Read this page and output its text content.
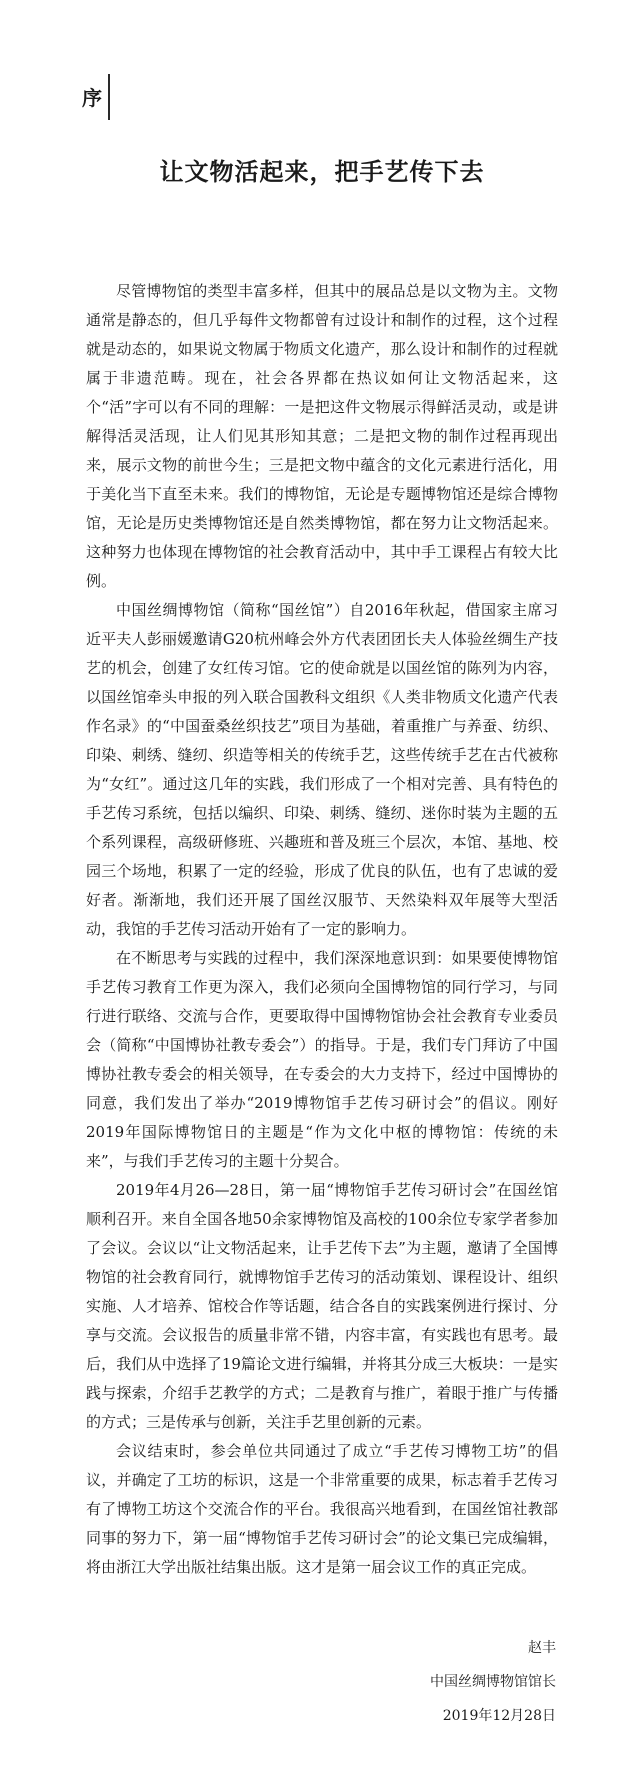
序
让文物活起来，把手艺传下去

尽管博物馆的类型丰富多样，但其中的展品总是以文物为主。文物通常是静态的，但几乎每件文物都曾有过设计和制作的过程，这个过程就是动态的，如果说文物属于物质文化遗产，那么设计和制作的过程就属于非遗范畴。现在，社会各界都在热议如何让文物活起来，这个“活”字可以有不同的理解：一是把这件文物展示得鲜活灵动，或是讲解得活灵活现，让人们见其形知其意；二是把文物的制作过程再现出来，展示文物的前世今生；三是把文物中蕴含的文化元素进行活化，用于美化当下直至未来。我们的博物馆，无论是专题博物馆还是综合博物馆，无论是历史类博物馆还是自然类博物馆，都在努力让文物活起来。这种努力也体现在博物馆的社会教育活动中，其中手工课程占有较大比例。

中国丝绸博物馆（简称“国丝馆”）自2016年秋起，借国家主席习近平夫人彭丽媛邀请G20杭州峰会外方代表团团长夫人体验丝绸生产技艺的机会，创建了女红传习馆。它的使命就是以国丝馆的陈列为内容，以国丝馆牵头申报的列入联合国教科文组织《人类非物质文化遗产代表作名录》的“中国蚕桑丝织技艺”项目为基础，着重推广与养蚕、纺织、印染、刺绣、缝纫、织造等相关的传统手艺，这些传统手艺在古代被称为“女红”。通过这几年的实践，我们形成了一个相对完善、具有特色的手艺传习系统，包括以编织、印染、刺绣、缝纫、迷你时装为主题的五个系列课程，高级研修班、兴趣班和普及班三个层次，本馆、基地、校园三个场地，积累了一定的经验，形成了优良的队伍，也有了忠诚的爱好者。渐渐地，我们还开展了国丝汉服节、天然染料双年展等大型活动，我馆的手艺传习活动开始有了一定的影响力。

在不断思考与实践的过程中，我们深深地意识到：如果要使博物馆手艺传习教育工作更为深入，我们必须向全国博物馆的同行学习，与同行进行联络、交流与合作，更要取得中国博物馆协会社会教育专业委员会（简称“中国博协社教专委会”）的指导。于是，我们专门拜访了中国博协社教专委会的相关领导，在专委会的大力支持下，经过中国博协的同意，我们发出了举办“2019博物馆手艺传习研讨会”的倡议。刚好2019年国际博物馆日的主题是“作为文化中枢的博物馆：传统的未来”，与我们手艺传习的主题十分契合。

2019年4月26—28日，第一届“博物馆手艺传习研讨会”在国丝馆顺利召开。来自全国各地50余家博物馆及高校的100余位专家学者参加了会议。会议以“让文物活起来，让手艺传下去”为主题，邀请了全国博物馆的社会教育同行，就博物馆手艺传习的活动策划、课程设计、组织实施、人才培养、馆校合作等话题，结合各自的实践案例进行探讨、分享与交流。会议报告的质量非常不错，内容丰富，有实践也有思考。最后，我们从中选择了19篇论文进行编辑，并将其分成三大板块：一是实践与探索，介绍手艺教学的方式；二是教育与推广，着眼于推广与传播的方式；三是传承与创新，关注手艺里创新的元素。

会议结束时，参会单位共同通过了成立“手艺传习博物工坊”的倡议，并确定了工坊的标识，这是一个非常重要的成果，标志着手艺传习有了博物工坊这个交流合作的平台。我很高兴地看到，在国丝馆社教部同事的努力下，第一届“博物馆手艺传习研讨会”的论文集已完成编辑，将由浙江大学出版社结集出版。这才是第一届会议工作的真正完成。

赵丰
中国丝绸博物馆馆长
2019年12月28日
